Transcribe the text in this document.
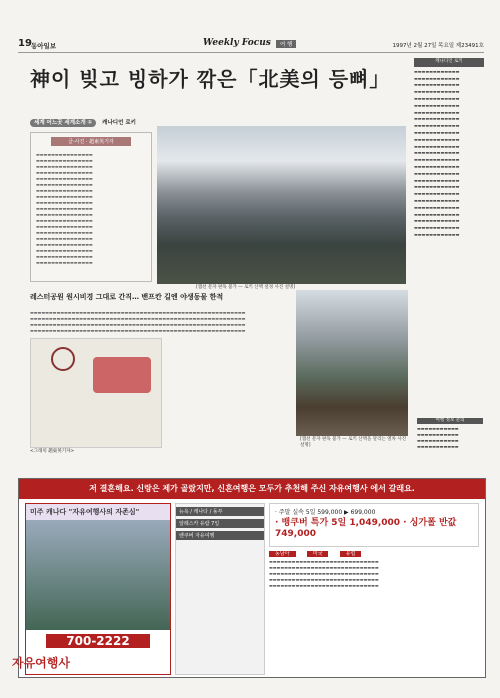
19 동아일보	Weekly Focus	여 행	1997년 2월 27일 목요일 제23491호
神이 빚고 빙하가 깎은「北美의 등뼈」
세계 어느곳 세계소개 ① 캐나디언 로키
글·사진 · 趙東英기자
▬▬▬▬▬▬▬▬▬▬▬▬▬▬▬
▬▬▬▬▬▬▬▬▬▬▬▬▬▬▬
▬▬▬▬▬▬▬▬▬▬▬▬▬▬▬
▬▬▬▬▬▬▬▬▬▬▬▬▬▬▬
▬▬▬▬▬▬▬▬▬▬▬▬▬▬▬
▬▬▬▬▬▬▬▬▬▬▬▬▬▬▬
▬▬▬▬▬▬▬▬▬▬▬▬▬▬▬
▬▬▬▬▬▬▬▬▬▬▬▬▬▬▬
▬▬▬▬▬▬▬▬▬▬▬▬▬▬▬
▬▬▬▬▬▬▬▬▬▬▬▬▬▬▬
▬▬▬▬▬▬▬▬▬▬▬▬▬▬▬
▬▬▬▬▬▬▬▬▬▬▬▬▬▬▬
▬▬▬▬▬▬▬▬▬▬▬▬▬▬▬
▬▬▬▬▬▬▬▬▬▬▬▬▬▬▬
▬▬▬▬▬▬▬▬▬▬▬▬▬▬▬
▬▬▬▬▬▬▬▬▬▬▬▬▬▬▬
▬▬▬▬▬▬▬▬▬▬▬▬▬▬▬
▬▬▬▬▬▬▬▬▬▬▬▬▬▬▬
▬▬▬▬▬▬▬▬▬▬▬▬▬▬▬
[캡션 문자 판독 불가 — 로키 산맥 설경 사진 설명]
레스터공원 원시비경 그대로 간직… 밴프칸 길엔 야생동물 한적
▬▬▬▬▬▬▬▬▬▬▬▬▬▬▬▬▬▬▬▬▬▬▬▬▬▬▬▬▬▬▬▬▬▬▬▬▬▬▬▬▬▬▬▬▬▬▬▬▬▬▬▬▬▬▬▬▬
▬▬▬▬▬▬▬▬▬▬▬▬▬▬▬▬▬▬▬▬▬▬▬▬▬▬▬▬▬▬▬▬▬▬▬▬▬▬▬▬▬▬▬▬▬▬▬▬▬▬▬▬▬▬▬▬▬
▬▬▬▬▬▬▬▬▬▬▬▬▬▬▬▬▬▬▬▬▬▬▬▬▬▬▬▬▬▬▬▬▬▬▬▬▬▬▬▬▬▬▬▬▬▬▬▬▬▬▬▬▬▬▬▬▬
▬▬▬▬▬▬▬▬▬▬▬▬▬▬▬▬▬▬▬▬▬▬▬▬▬▬▬▬▬▬▬▬▬▬▬▬▬▬▬▬▬▬▬▬▬▬▬▬▬▬▬▬▬▬▬▬▬
<그래픽 趙東英기자>
[캡션 문자 판독 불가 — 로키 산맥을 달리는 열차 사진 설명]
캐나디언 로키
▬▬▬▬▬▬▬▬▬▬▬▬
▬▬▬▬▬▬▬▬▬▬▬▬
▬▬▬▬▬▬▬▬▬▬▬▬
▬▬▬▬▬▬▬▬▬▬▬▬
▬▬▬▬▬▬▬▬▬▬▬▬
▬▬▬▬▬▬▬▬▬▬▬▬
▬▬▬▬▬▬▬▬▬▬▬▬
▬▬▬▬▬▬▬▬▬▬▬▬
▬▬▬▬▬▬▬▬▬▬▬▬
▬▬▬▬▬▬▬▬▬▬▬▬
▬▬▬▬▬▬▬▬▬▬▬▬
▬▬▬▬▬▬▬▬▬▬▬▬
▬▬▬▬▬▬▬▬▬▬▬▬
▬▬▬▬▬▬▬▬▬▬▬▬
▬▬▬▬▬▬▬▬▬▬▬▬
▬▬▬▬▬▬▬▬▬▬▬▬
▬▬▬▬▬▬▬▬▬▬▬▬
▬▬▬▬▬▬▬▬▬▬▬▬
▬▬▬▬▬▬▬▬▬▬▬▬
▬▬▬▬▬▬▬▬▬▬▬▬
▬▬▬▬▬▬▬▬▬▬▬▬
▬▬▬▬▬▬▬▬▬▬▬▬
▬▬▬▬▬▬▬▬▬▬▬▬
▬▬▬▬▬▬▬▬▬▬▬▬
▬▬▬▬▬▬▬▬▬▬▬▬
여행 정보 문의
▬▬▬▬▬▬▬▬▬▬▬
▬▬▬▬▬▬▬▬▬▬▬
▬▬▬▬▬▬▬▬▬▬▬
▬▬▬▬▬▬▬▬▬▬▬
저 결혼해요. 신랑은 제가 골랐지만, 신혼여행은 모두가 추천해 주신 자유여행사 에서 갈래요.
미주 캐나다 "자유여행사의 자존심"
700-2222
뉴욕 / 캐나다 / 동부
알래스카 유람 7일
밴쿠버 자유여행
· 주말 실속 5일 599,000 ▶ 699,000
· 뱅쿠버 특가 5일 1,049,000 · 싱가폴 반값 749,000
동남아	미국	유럽
▬▬▬▬▬▬▬▬▬▬▬▬▬▬▬▬▬▬▬▬▬▬▬▬▬▬▬▬▬
▬▬▬▬▬▬▬▬▬▬▬▬▬▬▬▬▬▬▬▬▬▬▬▬▬▬▬▬▬
▬▬▬▬▬▬▬▬▬▬▬▬▬▬▬▬▬▬▬▬▬▬▬▬▬▬▬▬▬
▬▬▬▬▬▬▬▬▬▬▬▬▬▬▬▬▬▬▬▬▬▬▬▬▬▬▬▬▬
▬▬▬▬▬▬▬▬▬▬▬▬▬▬▬▬▬▬▬▬▬▬▬▬▬▬▬▬▬
자유여행사
